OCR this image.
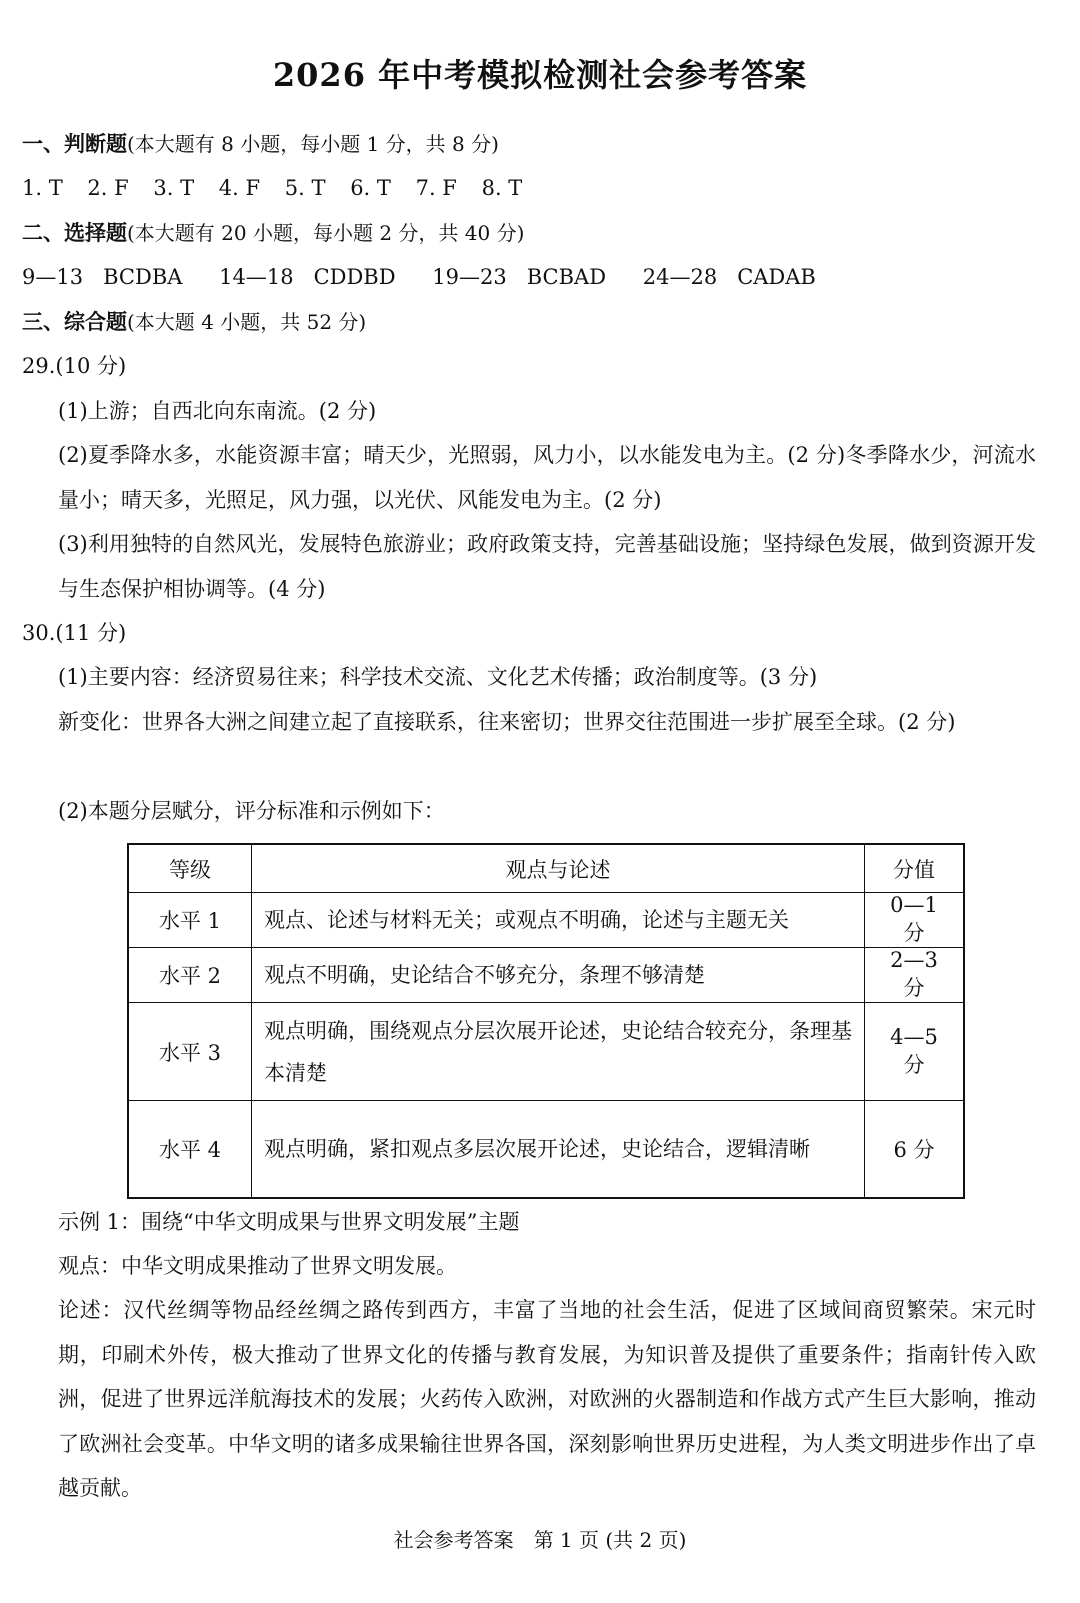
2026 年中考模拟检测社会参考答案
一、判断题(本大题有 8 小题，每小题 1 分，共 8 分)
1. T 2. F 3. T 4. F 5. T 6. T 7. F 8. T
二、选择题(本大题有 20 小题，每小题 2 分，共 40 分)
9—13 BCDBA 14—18 CDDBD 19—23 BCBAD 24—28 CADAB
三、综合题(本大题 4 小题，共 52 分)
29.(10 分)
(1)上游；自西北向东南流。(2 分)
(2)夏季降水多，水能资源丰富；晴天少，光照弱，风力小，以水能发电为主。(2 分)冬季降水少，河流水量小；晴天多，光照足，风力强，以光伏、风能发电为主。(2 分)
(3)利用独特的自然风光，发展特色旅游业；政府政策支持，完善基础设施；坚持绿色发展，做到资源开发与生态保护相协调等。(4 分)
30.(11 分)
(1)主要内容：经济贸易往来；科学技术交流、文化艺术传播；政治制度等。(3 分)
新变化：世界各大洲之间建立起了直接联系，往来密切；世界交往范围进一步扩展至全球。(2 分)
(2)本题分层赋分，评分标准和示例如下：
等级	观点与论述	分值
水平 1	观点、论述与材料无关；或观点不明确，论述与主题无关	0—1 分
水平 2	观点不明确，史论结合不够充分，条理不够清楚	2—3 分
水平 3	观点明确，围绕观点分层次展开论述，史论结合较充分，条理基本清楚	4—5 分
水平 4	观点明确，紧扣观点多层次展开论述，史论结合，逻辑清晰	6 分
示例 1：围绕“中华文明成果与世界文明发展”主题
观点：中华文明成果推动了世界文明发展。
论述：汉代丝绸等物品经丝绸之路传到西方，丰富了当地的社会生活，促进了区域间商贸繁荣。宋元时期，印刷术外传，极大推动了世界文化的传播与教育发展，为知识普及提供了重要条件；指南针传入欧洲，促进了世界远洋航海技术的发展；火药传入欧洲，对欧洲的火器制造和作战方式产生巨大影响，推动了欧洲社会变革。中华文明的诸多成果输往世界各国，深刻影响世界历史进程，为人类文明进步作出了卓越贡献。
社会参考答案　第 1 页 (共 2 页)
